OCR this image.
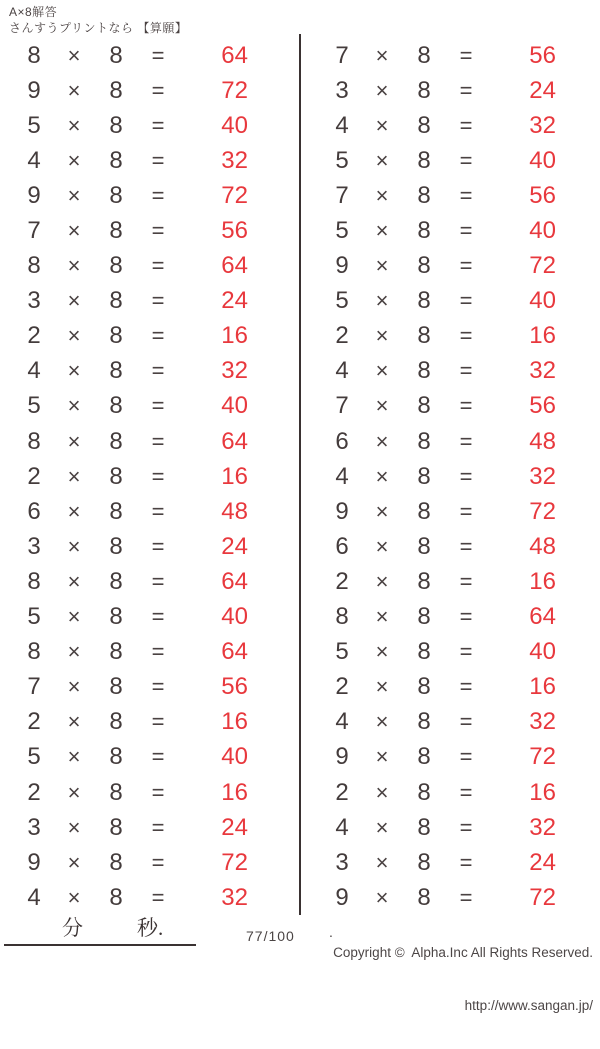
A×8解答
さんすうプリントなら 【算願】
8	×	8	=	64
9	×	8	=	72
5	×	8	=	40
4	×	8	=	32
9	×	8	=	72
7	×	8	=	56
8	×	8	=	64
3	×	8	=	24
2	×	8	=	16
4	×	8	=	32
5	×	8	=	40
8	×	8	=	64
2	×	8	=	16
6	×	8	=	48
3	×	8	=	24
8	×	8	=	64
5	×	8	=	40
8	×	8	=	64
7	×	8	=	56
2	×	8	=	16
5	×	8	=	40
2	×	8	=	16
3	×	8	=	24
9	×	8	=	72
4	×	8	=	32
7	×	8	=	56
3	×	8	=	24
4	×	8	=	32
5	×	8	=	40
7	×	8	=	56
5	×	8	=	40
9	×	8	=	72
5	×	8	=	40
2	×	8	=	16
4	×	8	=	32
7	×	8	=	56
6	×	8	=	48
4	×	8	=	32
9	×	8	=	72
6	×	8	=	48
2	×	8	=	16
8	×	8	=	64
5	×	8	=	40
2	×	8	=	16
4	×	8	=	32
9	×	8	=	72
2	×	8	=	16
4	×	8	=	32
3	×	8	=	24
9	×	8	=	72
分	秒.	77/100 .

Copyright ©  Alpha.Inc All Rights Reserved.

http://www.sangan.jp/
